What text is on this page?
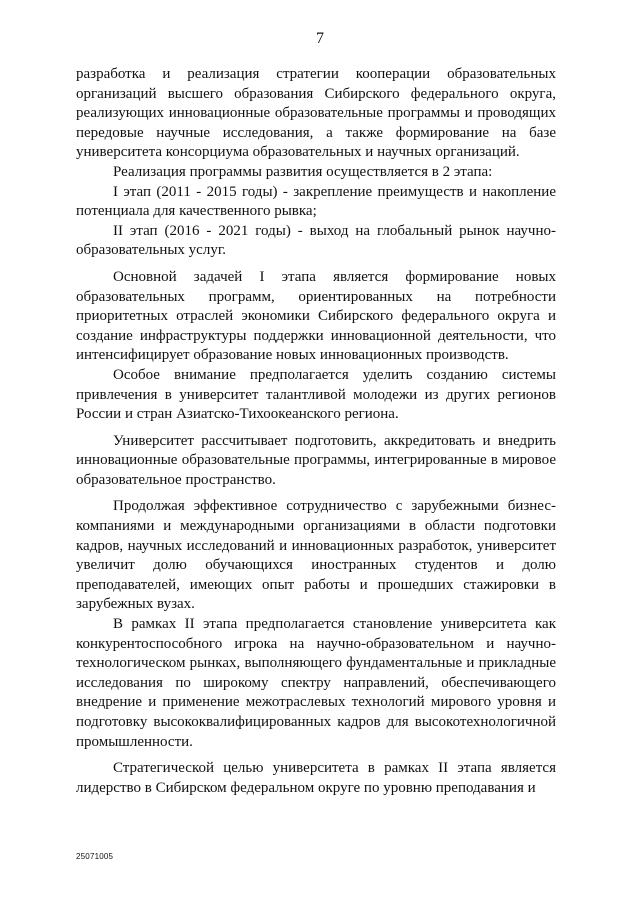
7

разработка и реализация стратегии кооперации образовательных организаций высшего образования Сибирского федерального округа, реализующих инновационные образовательные программы и проводящих передовые научные исследования, а также формирование на базе университета консорциума образовательных и научных организаций.

Реализация программы развития осуществляется в 2 этапа:

I этап (2011 - 2015 годы) - закрепление преимуществ и накопление потенциала для качественного рывка;

II этап (2016 - 2021 годы) - выход на глобальный рынок научно-образовательных услуг.

Основной задачей I этапа является формирование новых образовательных программ, ориентированных на потребности приоритетных отраслей экономики Сибирского федерального округа и создание инфраструктуры поддержки инновационной деятельности, что интенсифицирует образование новых инновационных производств.

Особое внимание предполагается уделить созданию системы привлечения в университет талантливой молодежи из других регионов России и стран Азиатско-Тихоокеанского региона.

Университет рассчитывает подготовить, аккредитовать и внедрить инновационные образовательные программы, интегрированные в мировое образовательное пространство.

Продолжая эффективное сотрудничество с зарубежными бизнес-компаниями и международными организациями в области подготовки кадров, научных исследований и инновационных разработок, университет увеличит долю обучающихся иностранных студентов и долю преподавателей, имеющих опыт работы и прошедших стажировки в зарубежных вузах.

В рамках II этапа предполагается становление университета как конкурентоспособного игрока на научно-образовательном и научно-технологическом рынках, выполняющего фундаментальные и прикладные исследования по широкому спектру направлений, обеспечивающего внедрение и применение межотраслевых технологий мирового уровня и подготовку высококвалифицированных кадров для высокотехнологичной промышленности.

Стратегической целью университета в рамках II этапа является лидерство в Сибирском федеральном округе по уровню преподавания и

25071005
